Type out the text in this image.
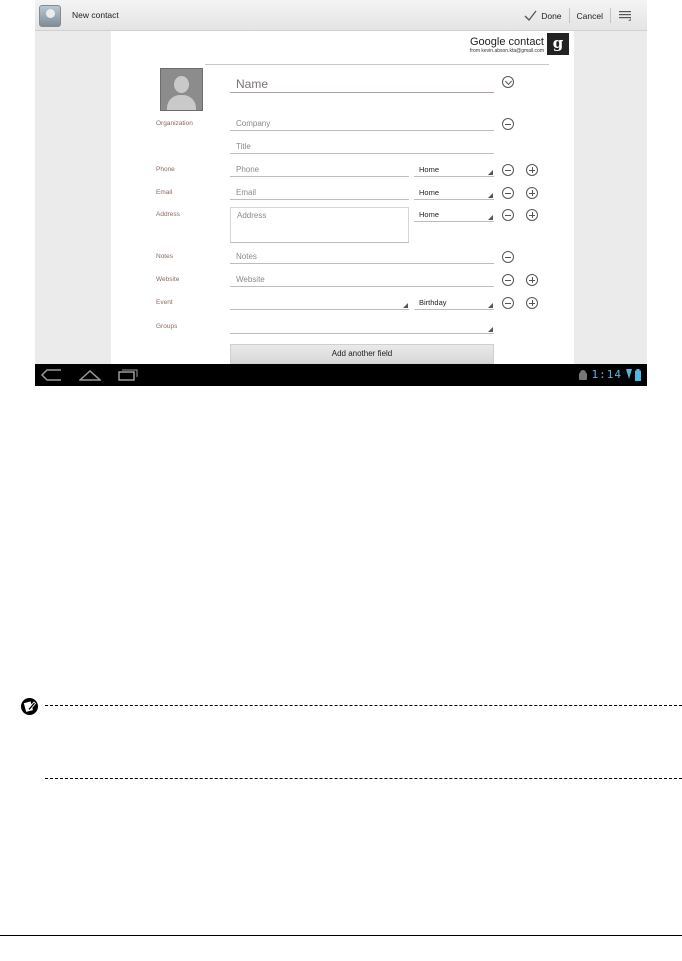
New contact	Done Cancel
Google contact
from kevin.abson.kta@gmail.com g
Name
Organization	Company
Title
Phone	Phone	Home
Email	Email	Home
Address	Address	Home
Notes	Notes
Website	Website
Event	Birthday
Groups
Add another field
1:14
